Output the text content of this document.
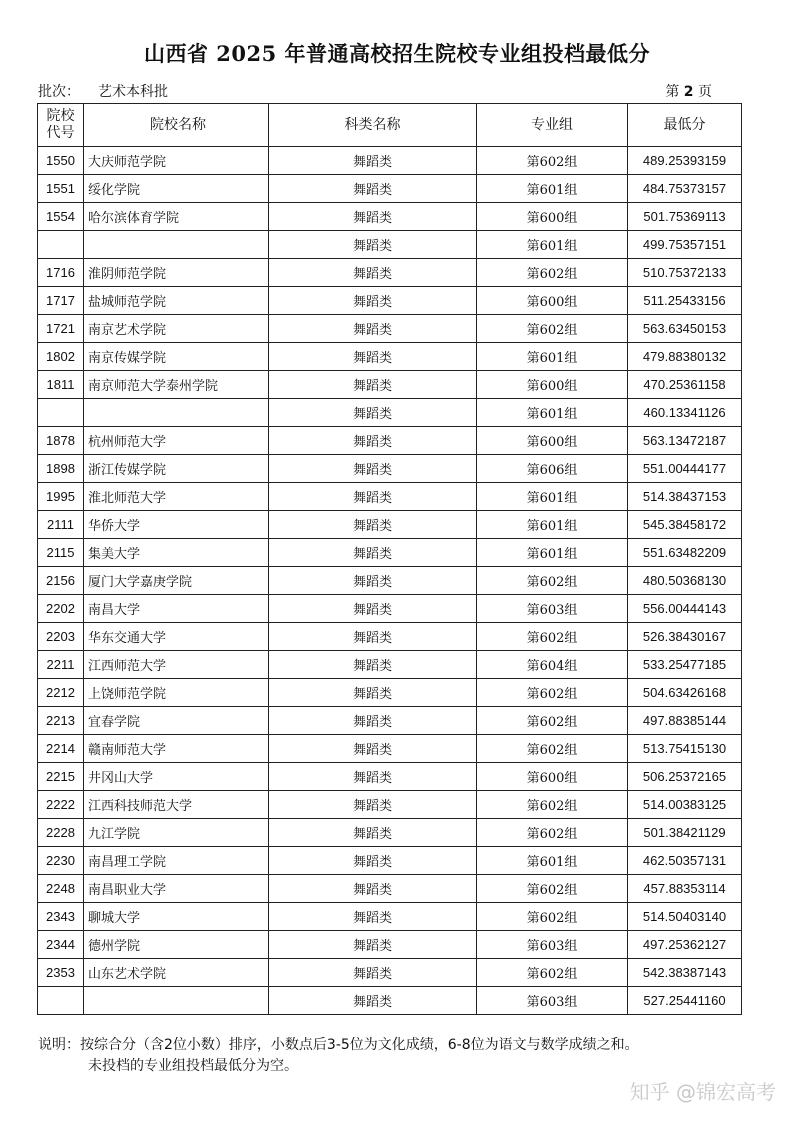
山西省 2025 年普通高校招生院校专业组投档最低分
批次： 艺术本科批	第 2 页
院校
代号	院校名称	科类名称	专业组	最低分
1550	大庆师范学院	舞蹈类	第602组	489.25393159
1551	绥化学院	舞蹈类	第601组	484.75373157
1554	哈尔滨体育学院	舞蹈类	第600组	501.75369113
		舞蹈类	第601组	499.75357151
1716	淮阴师范学院	舞蹈类	第602组	510.75372133
1717	盐城师范学院	舞蹈类	第600组	511.25433156
1721	南京艺术学院	舞蹈类	第602组	563.63450153
1802	南京传媒学院	舞蹈类	第601组	479.88380132
1811	南京师范大学泰州学院	舞蹈类	第600组	470.25361158
		舞蹈类	第601组	460.13341126
1878	杭州师范大学	舞蹈类	第600组	563.13472187
1898	浙江传媒学院	舞蹈类	第606组	551.00444177
1995	淮北师范大学	舞蹈类	第601组	514.38437153
2111	华侨大学	舞蹈类	第601组	545.38458172
2115	集美大学	舞蹈类	第601组	551.63482209
2156	厦门大学嘉庚学院	舞蹈类	第602组	480.50368130
2202	南昌大学	舞蹈类	第603组	556.00444143
2203	华东交通大学	舞蹈类	第602组	526.38430167
2211	江西师范大学	舞蹈类	第604组	533.25477185
2212	上饶师范学院	舞蹈类	第602组	504.63426168
2213	宜春学院	舞蹈类	第602组	497.88385144
2214	赣南师范大学	舞蹈类	第602组	513.75415130
2215	井冈山大学	舞蹈类	第600组	506.25372165
2222	江西科技师范大学	舞蹈类	第602组	514.00383125
2228	九江学院	舞蹈类	第602组	501.38421129
2230	南昌理工学院	舞蹈类	第601组	462.50357131
2248	南昌职业大学	舞蹈类	第602组	457.88353114
2343	聊城大学	舞蹈类	第602组	514.50403140
2344	德州学院	舞蹈类	第603组	497.25362127
2353	山东艺术学院	舞蹈类	第602组	542.38387143
		舞蹈类	第603组	527.25441160
说明：按综合分（含2位小数）排序，小数点后3-5位为文化成绩，6-8位为语文与数学成绩之和。
未投档的专业组投档最低分为空。
知乎 @锦宏高考
